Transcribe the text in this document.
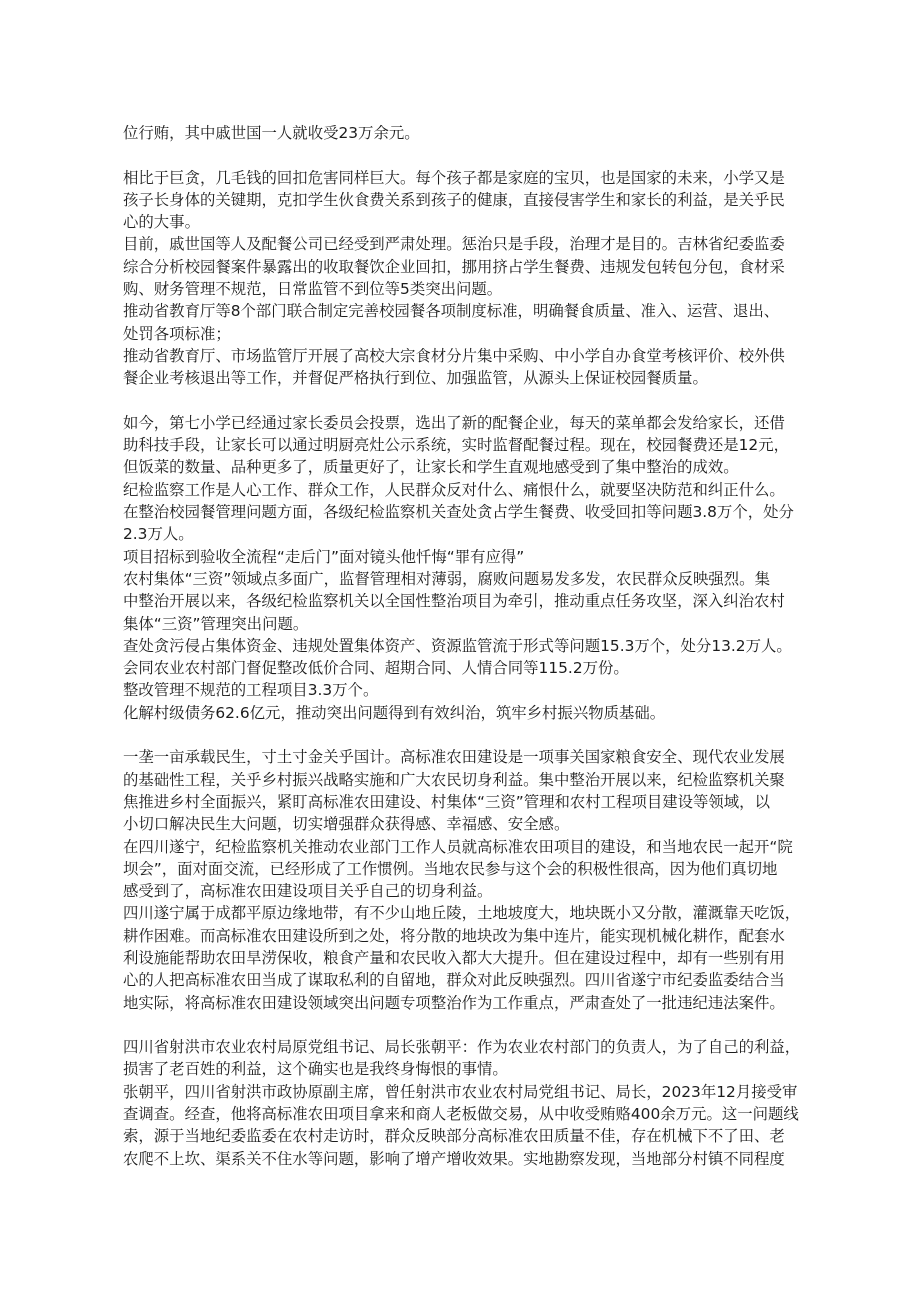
位行贿，其中戚世国一人就收受23万余元。
相比于巨贪，几毛钱的回扣危害同样巨大。每个孩子都是家庭的宝贝，也是国家的未来，小学又是
孩子长身体的关键期，克扣学生伙食费关系到孩子的健康，直接侵害学生和家长的利益，是关乎民
心的大事。
目前，戚世国等人及配餐公司已经受到严肃处理。惩治只是手段，治理才是目的。吉林省纪委监委
综合分析校园餐案件暴露出的收取餐饮企业回扣，挪用挤占学生餐费、违规发包转包分包，食材采
购、财务管理不规范，日常监管不到位等5类突出问题。
推动省教育厅等8个部门联合制定完善校园餐各项制度标准，明确餐食质量、准入、运营、退出、
处罚各项标准；
推动省教育厅、市场监管厅开展了高校大宗食材分片集中采购、中小学自办食堂考核评价、校外供
餐企业考核退出等工作，并督促严格执行到位、加强监管，从源头上保证校园餐质量。
如今，第七小学已经通过家长委员会投票，选出了新的配餐企业，每天的菜单都会发给家长，还借
助科技手段，让家长可以通过明厨亮灶公示系统，实时监督配餐过程。现在，校园餐费还是12元，
但饭菜的数量、品种更多了，质量更好了，让家长和学生直观地感受到了集中整治的成效。
纪检监察工作是人心工作、群众工作，人民群众反对什么、痛恨什么，就要坚决防范和纠正什么。
在整治校园餐管理问题方面，各级纪检监察机关查处贪占学生餐费、收受回扣等问题3.8万个，处分
2.3万人。
项目招标到验收全流程“走后门”面对镜头他忏悔“罪有应得”
农村集体“三资”领域点多面广，监督管理相对薄弱，腐败问题易发多发，农民群众反映强烈。集
中整治开展以来，各级纪检监察机关以全国性整治项目为牵引，推动重点任务攻坚，深入纠治农村
集体“三资”管理突出问题。
查处贪污侵占集体资金、违规处置集体资产、资源监管流于形式等问题15.3万个，处分13.2万人。
会同农业农村部门督促整改低价合同、超期合同、人情合同等115.2万份。
整改管理不规范的工程项目3.3万个。
化解村级债务62.6亿元，推动突出问题得到有效纠治，筑牢乡村振兴物质基础。
一垄一亩承载民生，寸土寸金关乎国计。高标准农田建设是一项事关国家粮食安全、现代农业发展
的基础性工程，关乎乡村振兴战略实施和广大农民切身利益。集中整治开展以来，纪检监察机关聚
焦推进乡村全面振兴，紧盯高标准农田建设、村集体“三资”管理和农村工程项目建设等领域，以
小切口解决民生大问题，切实增强群众获得感、幸福感、安全感。
在四川遂宁，纪检监察机关推动农业部门工作人员就高标准农田项目的建设，和当地农民一起开“院
坝会”，面对面交流，已经形成了工作惯例。当地农民参与这个会的积极性很高，因为他们真切地
感受到了，高标准农田建设项目关乎自己的切身利益。
四川遂宁属于成都平原边缘地带，有不少山地丘陵，土地坡度大，地块既小又分散，灌溉靠天吃饭，
耕作困难。而高标准农田建设所到之处，将分散的地块改为集中连片，能实现机械化耕作，配套水
利设施能帮助农田旱涝保收，粮食产量和农民收入都大大提升。但在建设过程中，却有一些别有用
心的人把高标准农田当成了谋取私利的自留地，群众对此反映强烈。四川省遂宁市纪委监委结合当
地实际，将高标准农田建设领域突出问题专项整治作为工作重点，严肃查处了一批违纪违法案件。
四川省射洪市农业农村局原党组书记、局长张朝平：作为农业农村部门的负责人，为了自己的利益，
损害了老百姓的利益，这个确实也是我终身悔恨的事情。
张朝平，四川省射洪市政协原副主席，曾任射洪市农业农村局党组书记、局长，2023年12月接受审
查调查。经查，他将高标准农田项目拿来和商人老板做交易，从中收受贿赂400余万元。这一问题线
索，源于当地纪委监委在农村走访时，群众反映部分高标准农田质量不佳，存在机械下不了田、老
农爬不上坎、渠系关不住水等问题，影响了增产增收效果。实地勘察发现，当地部分村镇不同程度
